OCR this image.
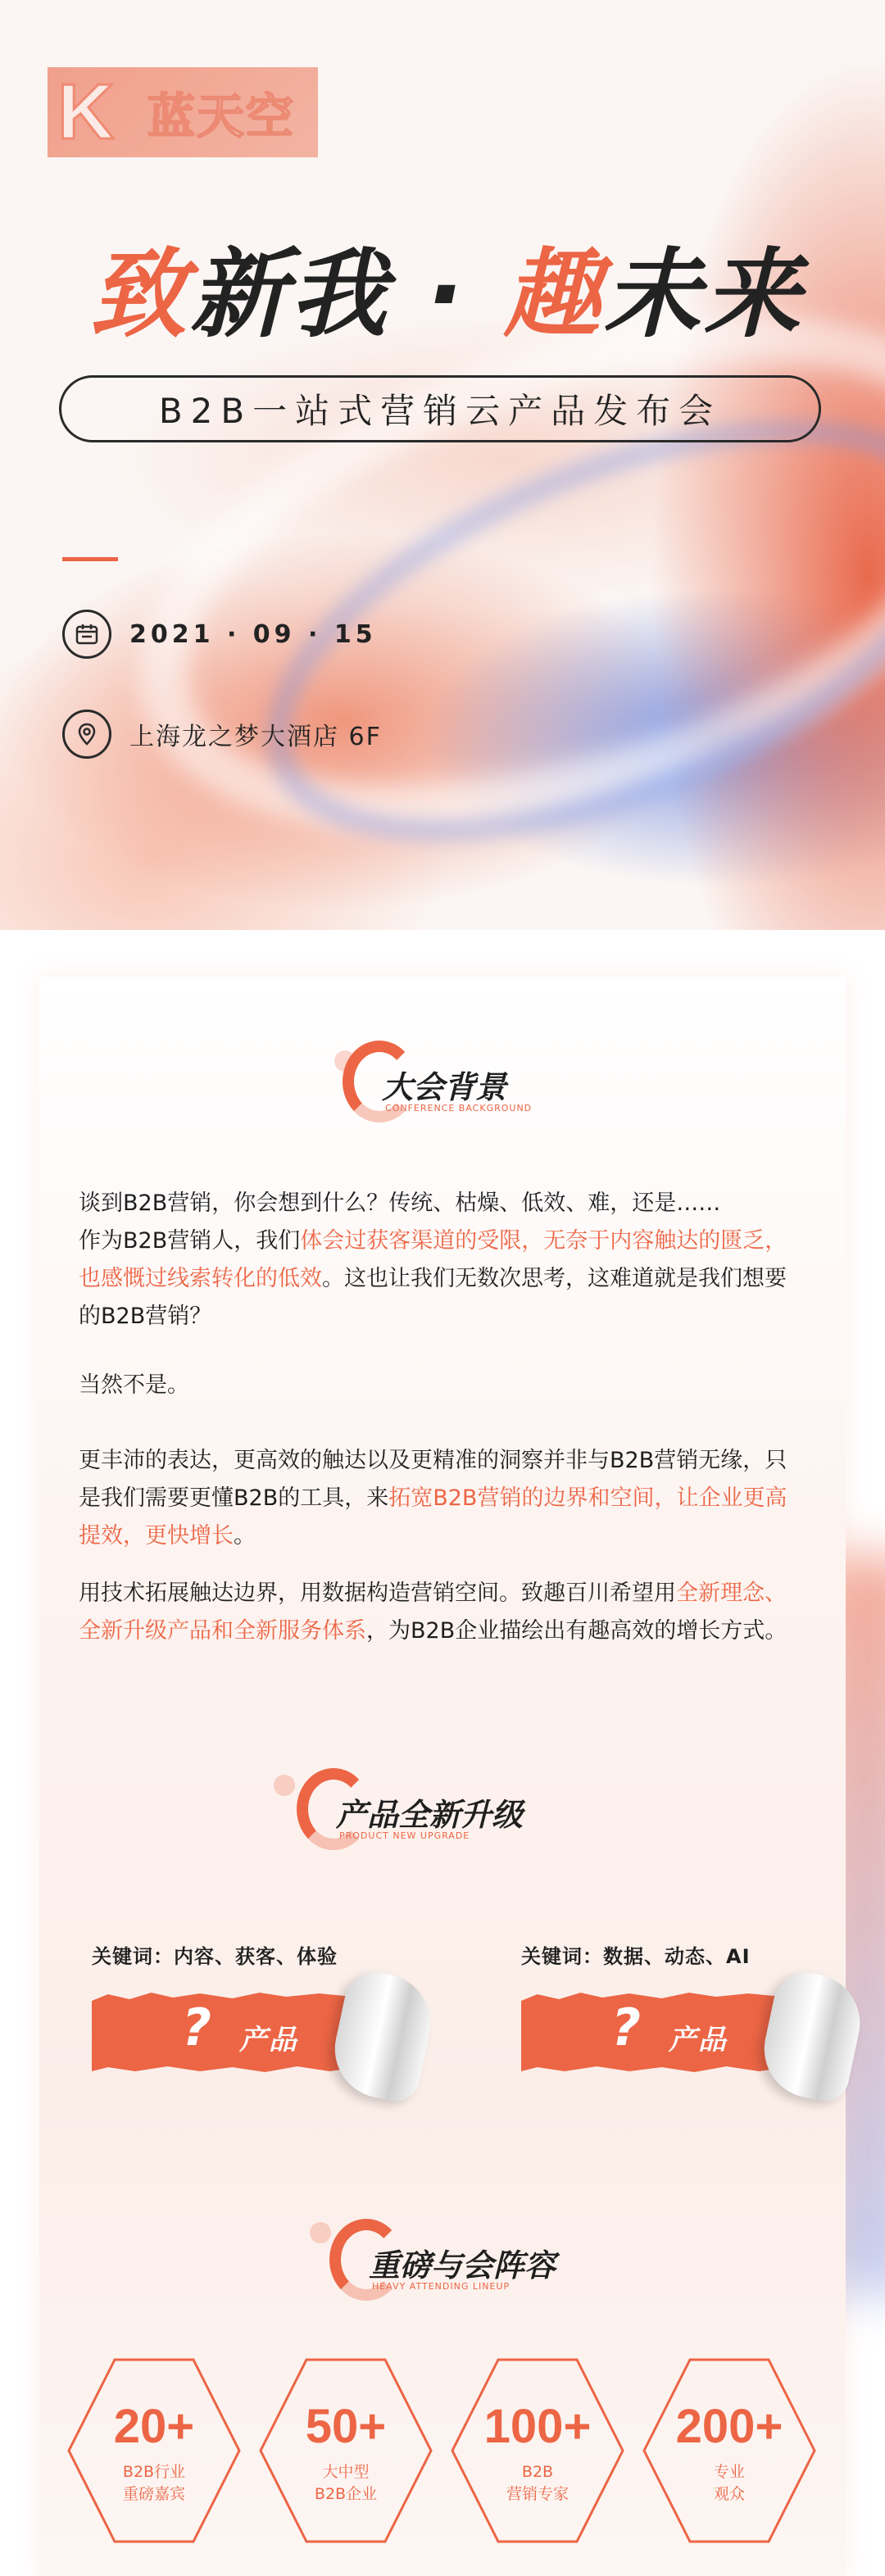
K 蓝天空
致新我 · 趣未来
B2B一站式营销云产品发布会
2021 · 09 · 15
上海龙之梦大酒店 6F
大会背景
CONFERENCE BACKGROUND
谈到B2B营销，你会想到什么？传统、枯燥、低效、难，还是……
作为B2B营销人，我们体会过获客渠道的受限，无奈于内容触达的匮乏，也感慨过线索转化的低效。这也让我们无数次思考，这难道就是我们想要的B2B营销？
当然不是。
更丰沛的表达，更高效的触达以及更精准的洞察并非与B2B营销无缘，只是我们需要更懂B2B的工具，来拓宽B2B营销的边界和空间，让企业更高提效，更快增长。
用技术拓展触达边界，用数据构造营销空间。致趣百川希望用全新理念、全新升级产品和全新服务体系，为B2B企业描绘出有趣高效的增长方式。
产品全新升级
PRODUCT NEW UPGRADE
关键词：内容、获客、体验
? 产品
关键词：数据、动态、AI
? 产品
重磅与会阵容
HEAVY ATTENDING LINEUP
20+
B2B行业
重磅嘉宾
50+
大中型
B2B企业
100+
B2B
营销专家
200+
专业
观众
